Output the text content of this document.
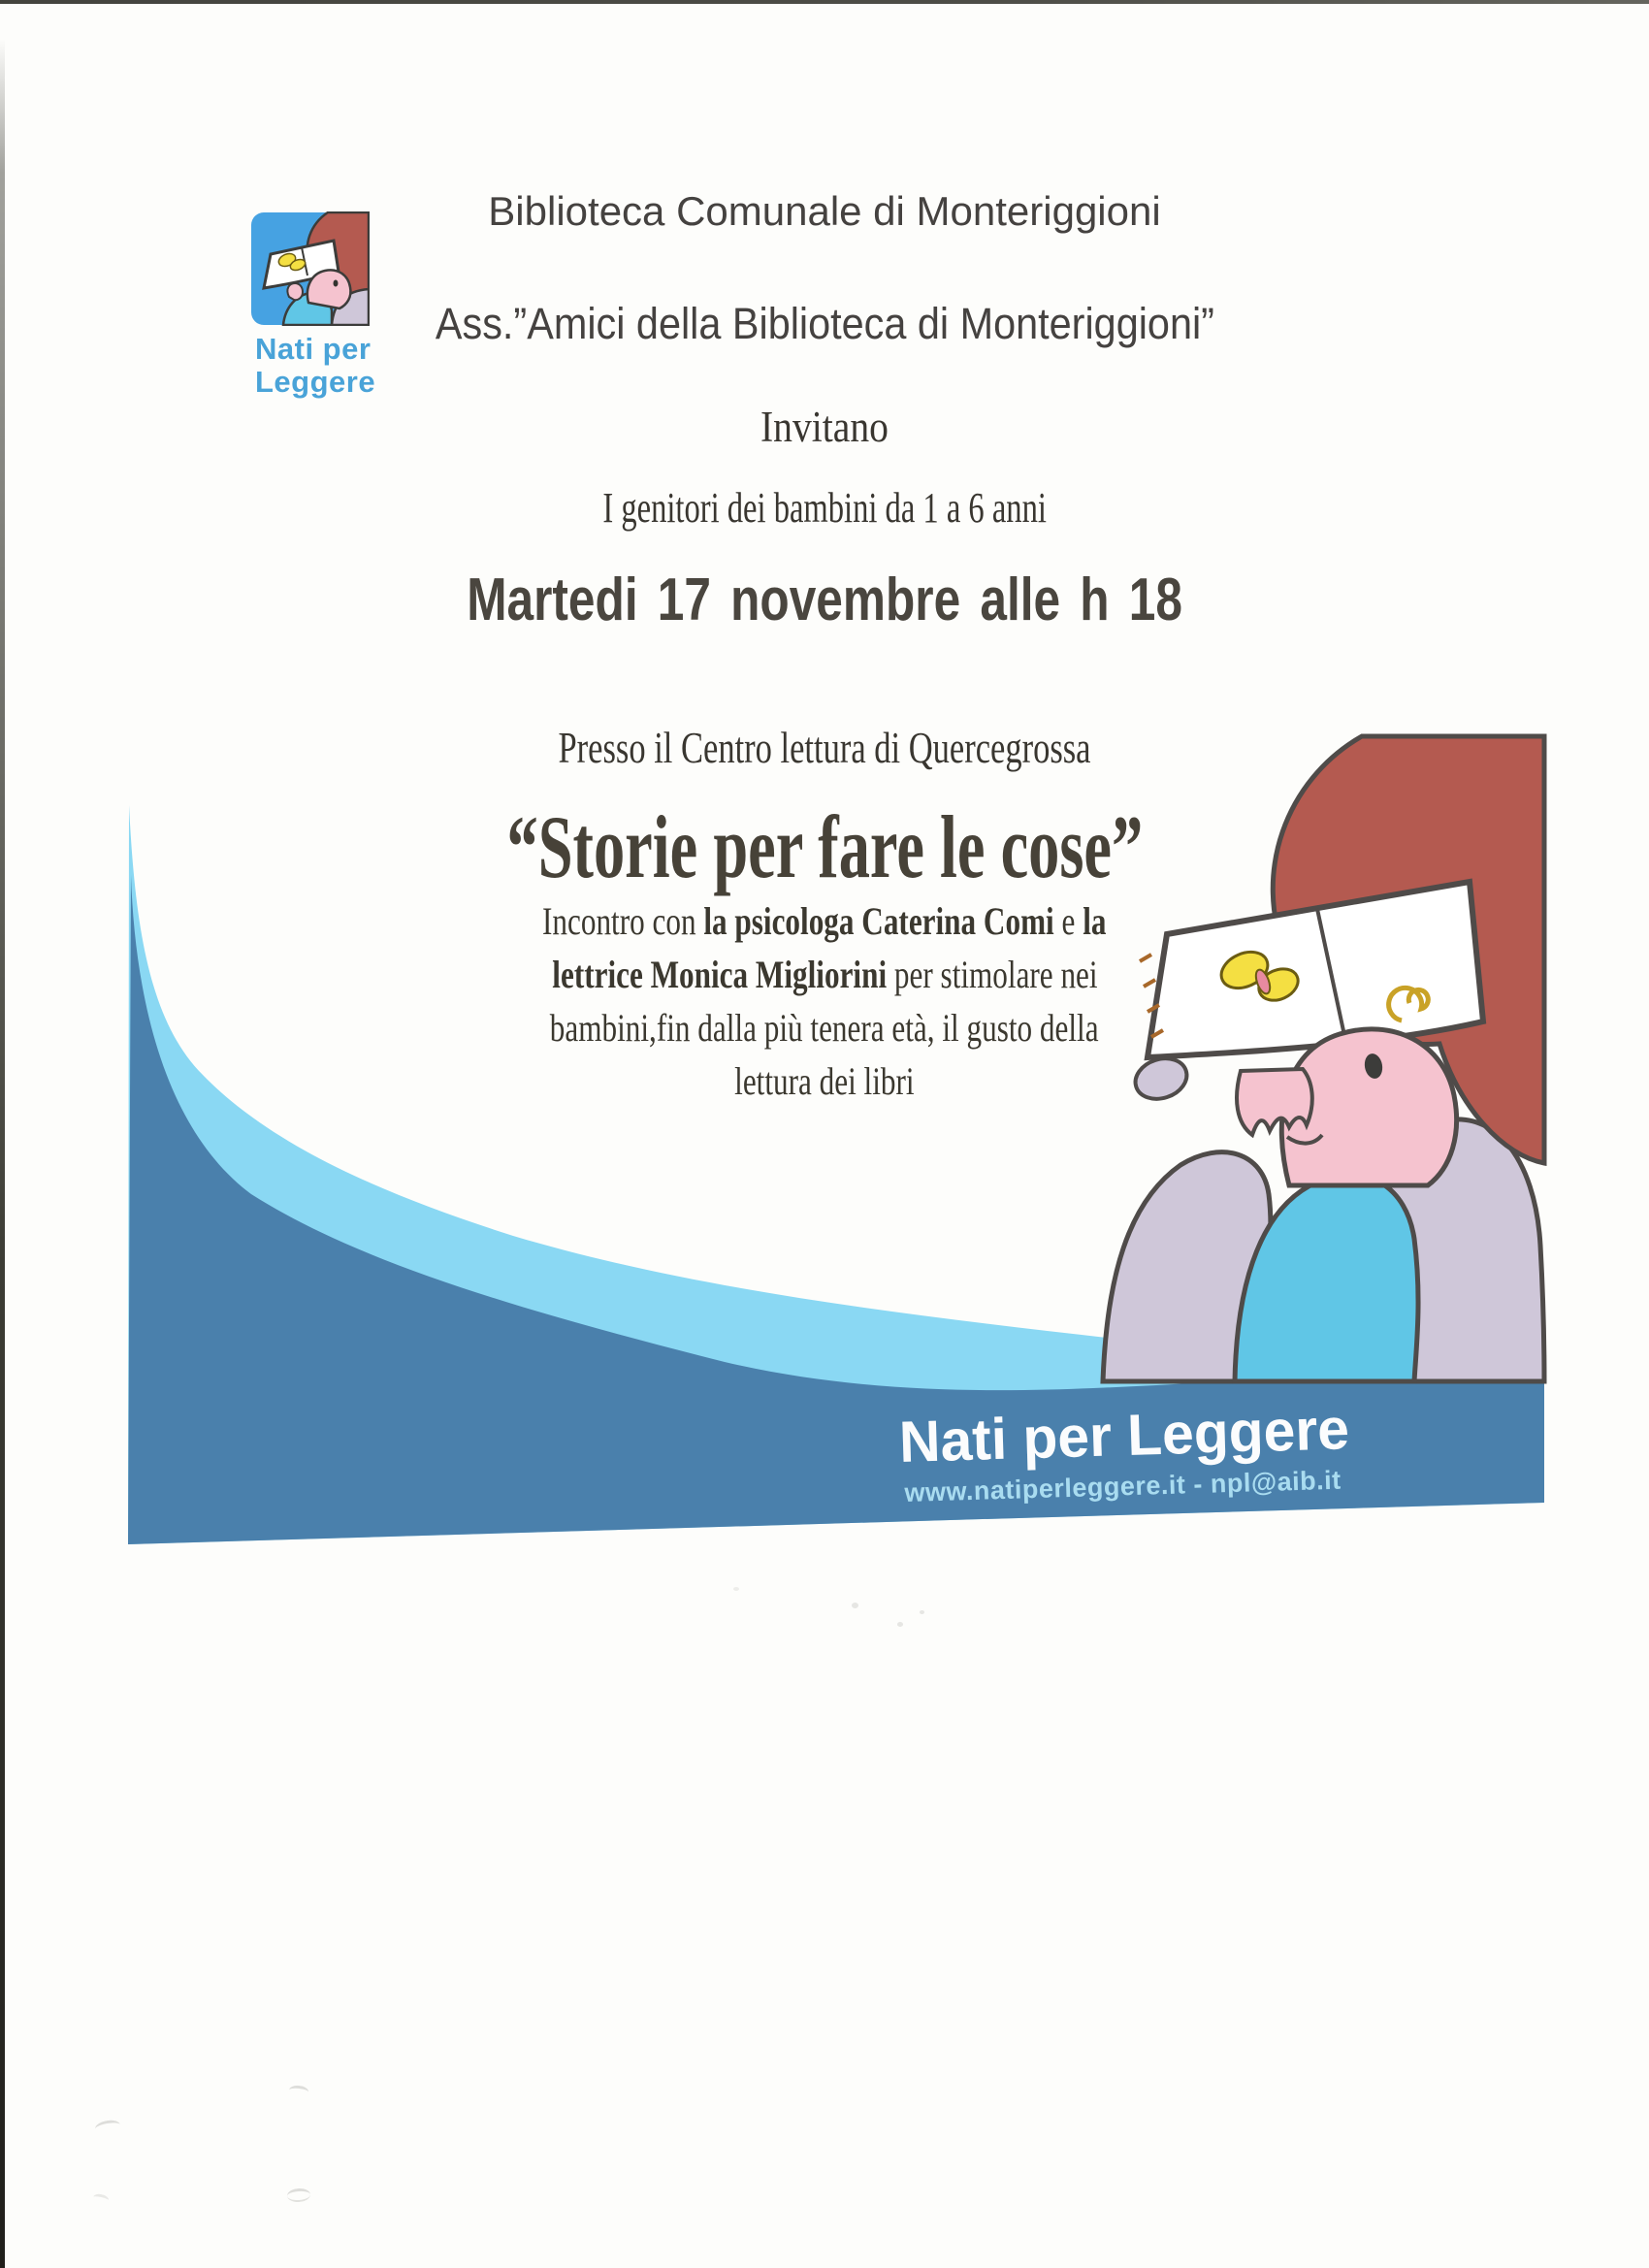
Nati per
Leggere
Biblioteca Comunale di Monteriggioni
Ass.”Amici della Biblioteca di Monteriggioni”
Invitano
I genitori dei bambini da 1 a 6 anni
Martedi 17 novembre alle h 18
Presso il Centro lettura di Quercegrossa
“Storie per fare le cose”
Incontro con la psicologa Caterina Comi e la
lettrice Monica Migliorini per stimolare nei
bambini,fin dalla più tenera età, il gusto della
lettura dei libri
Nati per Leggere
www.natiperleggere.it - npl@aib.it
